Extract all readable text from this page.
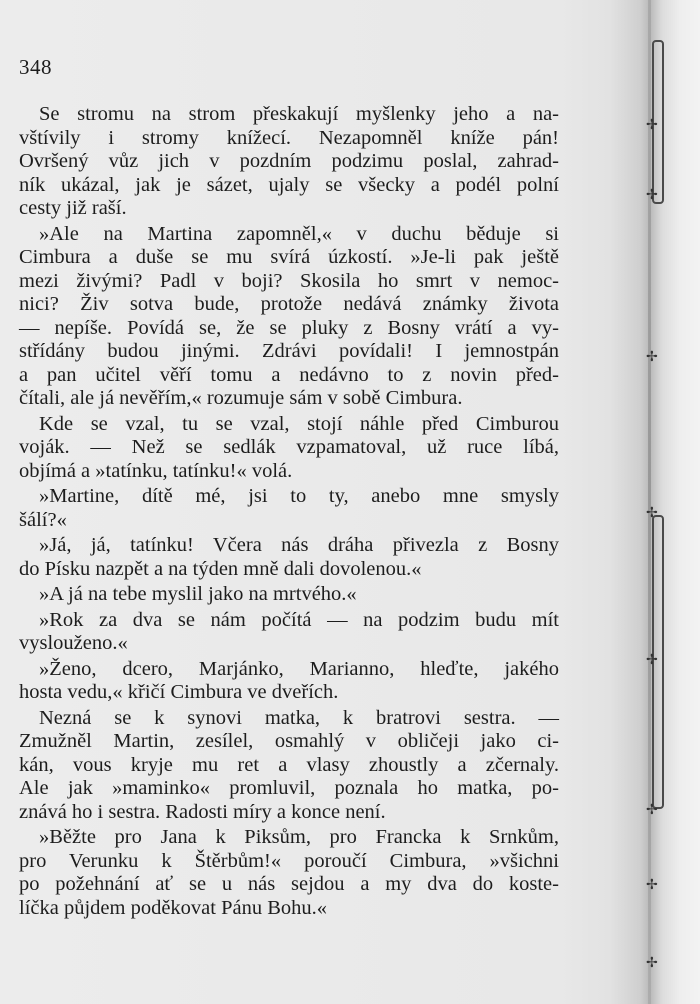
✢
✢
✢
✢
✢
✢
✢
✢
348
Se stromu na strom přeskakují myšlenky jeho a na-
vštívily i stromy knížecí. Nezapomněl kníže pán!
Ovršený vůz jich v pozdním podzimu poslal, zahrad-
ník ukázal, jak je sázet, ujaly se všecky a podél polní
cesty již raší.
»Ale na Martina zapomněl,« v duchu běduje si
Cimbura a duše se mu svírá úzkostí. »Je-li pak ještě
mezi živými? Padl v boji? Skosila ho smrt v nemoc-
nici? Živ sotva bude, protože nedává známky života
— nepíše. Povídá se, že se pluky z Bosny vrátí a vy-
střídány budou jinými. Zdrávi povídali! I jemnostpán
a pan učitel věří tomu a nedávno to z novin před-
čítali, ale já nevěřím,« rozumuje sám v sobě Cimbura.
Kde se vzal, tu se vzal, stojí náhle před Cimburou
voják. — Než se sedlák vzpamatoval, už ruce líbá,
objímá a »tatínku, tatínku!« volá.
»Martine, dítě mé, jsi to ty, anebo mne smysly
šálí?«
»Já, já, tatínku! Včera nás dráha přivezla z Bosny
do Písku nazpět a na týden mně dali dovolenou.«
»A já na tebe myslil jako na mrtvého.«
»Rok za dva se nám počítá — na podzim budu mít
vyslouženo.«
»Ženo, dcero, Marjánko, Marianno, hleďte, jakého
hosta vedu,« křičí Cimbura ve dveřích.
Nezná se k synovi matka, k bratrovi sestra. —
Zmužněl Martin, zesílel, osmahlý v obličeji jako ci-
kán, vous kryje mu ret a vlasy zhoustly a zčernaly.
Ale jak »maminko« promluvil, poznala ho matka, po-
znává ho i sestra. Radosti míry a konce není.
»Běžte pro Jana k Piksům, pro Francka k Srnkům,
pro Verunku k Štěrbům!« poroučí Cimbura, »všichni
po požehnání ať se u nás sejdou a my dva do koste-
líčka půjdem poděkovat Pánu Bohu.«
